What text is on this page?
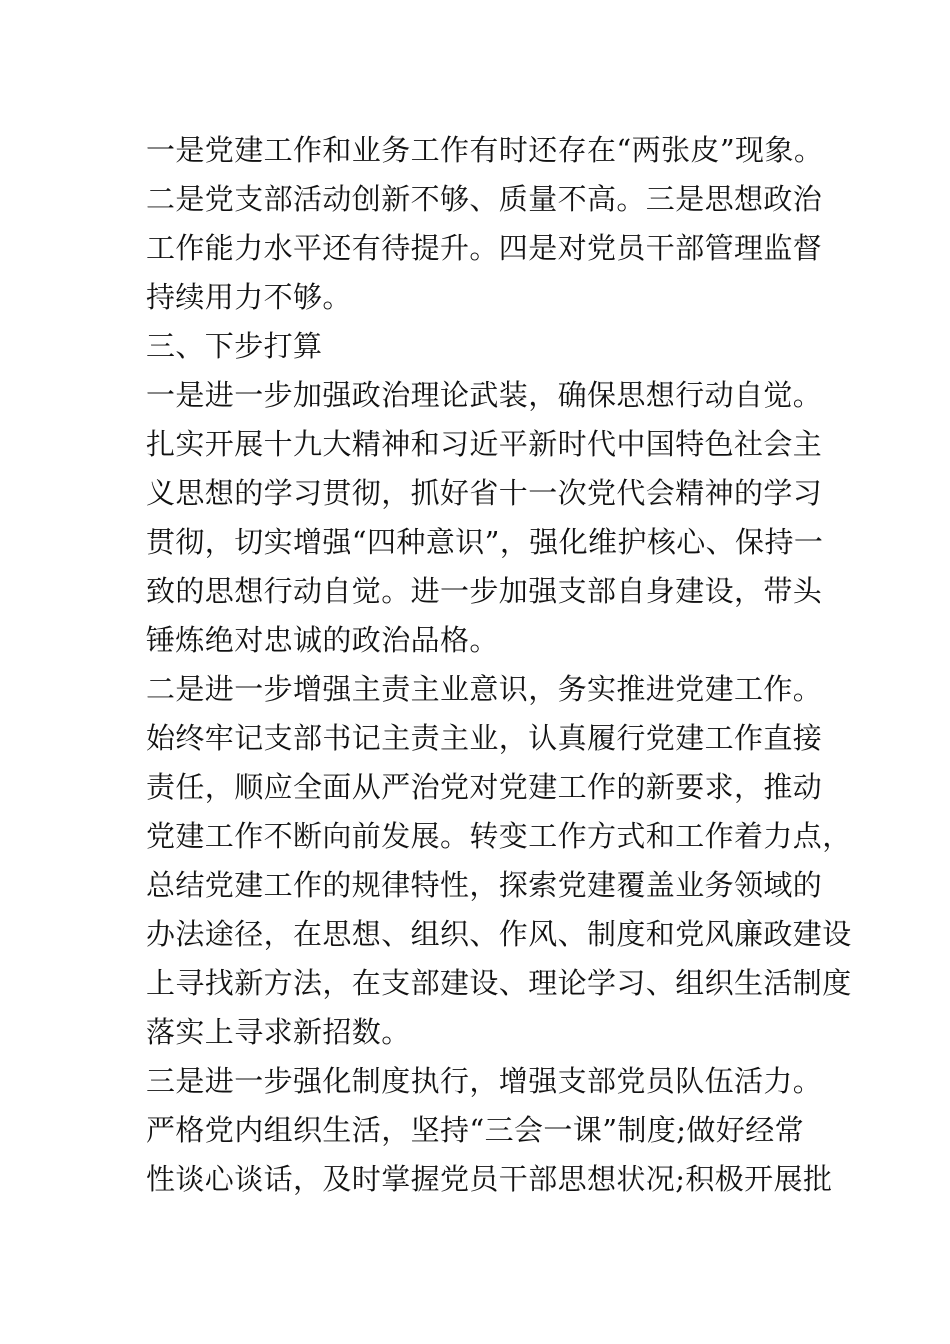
一是党建工作和业务工作有时还存在“两张皮”现象。
二是党支部活动创新不够、质量不高。三是思想政治
工作能力水平还有待提升。四是对党员干部管理监督
持续用力不够。
三、下步打算
一是进一步加强政治理论武装，确保思想行动自觉。
扎实开展十九大精神和习近平新时代中国特色社会主
义思想的学习贯彻，抓好省十一次党代会精神的学习
贯彻，切实增强“四种意识”，强化维护核心、保持一
致的思想行动自觉。进一步加强支部自身建设，带头
锤炼绝对忠诚的政治品格。
二是进一步增强主责主业意识，务实推进党建工作。
始终牢记支部书记主责主业，认真履行党建工作直接
责任，顺应全面从严治党对党建工作的新要求，推动
党建工作不断向前发展。转变工作方式和工作着力点，
总结党建工作的规律特性，探索党建覆盖业务领域的
办法途径，在思想、组织、作风、制度和党风廉政建设
上寻找新方法，在支部建设、理论学习、组织生活制度
落实上寻求新招数。
三是进一步强化制度执行，增强支部党员队伍活力。
严格党内组织生活，坚持“三会一课”制度;做好经常
性谈心谈话，及时掌握党员干部思想状况;积极开展批
